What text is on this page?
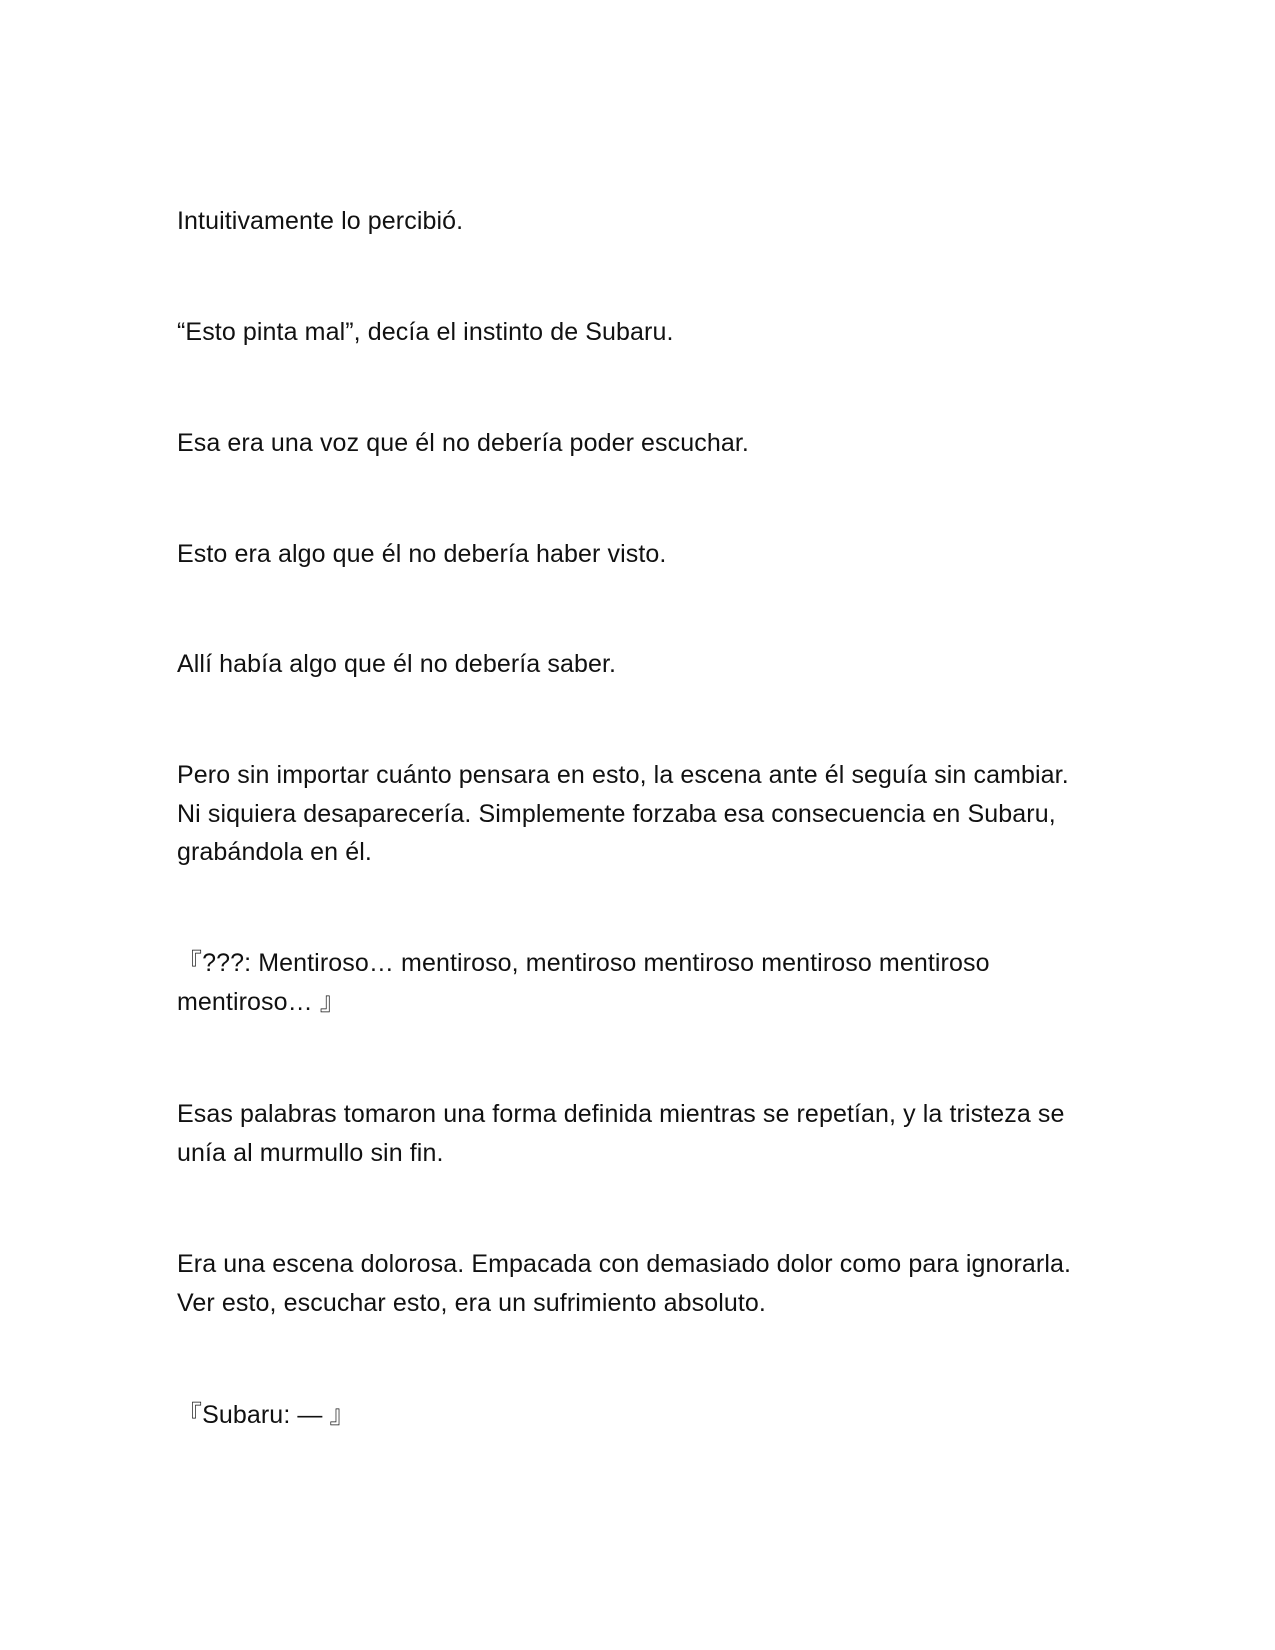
Intuitivamente lo percibió.

“Esto pinta mal”, decía el instinto de Subaru.

Esa era una voz que él no debería poder escuchar.

Esto era algo que él no debería haber visto.

Allí había algo que él no debería saber.

Pero sin importar cuánto pensara en esto, la escena ante él seguía sin cambiar. Ni siquiera desaparecería. Simplemente forzaba esa consecuencia en Subaru, grabándola en él.

『???: Mentiroso… mentiroso, mentiroso mentiroso mentiroso mentiroso mentiroso… 』

Esas palabras tomaron una forma definida mientras se repetían, y la tristeza se unía al murmullo sin fin.

Era una escena dolorosa. Empacada con demasiado dolor como para ignorarla. Ver esto, escuchar esto, era un sufrimiento absoluto.

『Subaru: — 』
